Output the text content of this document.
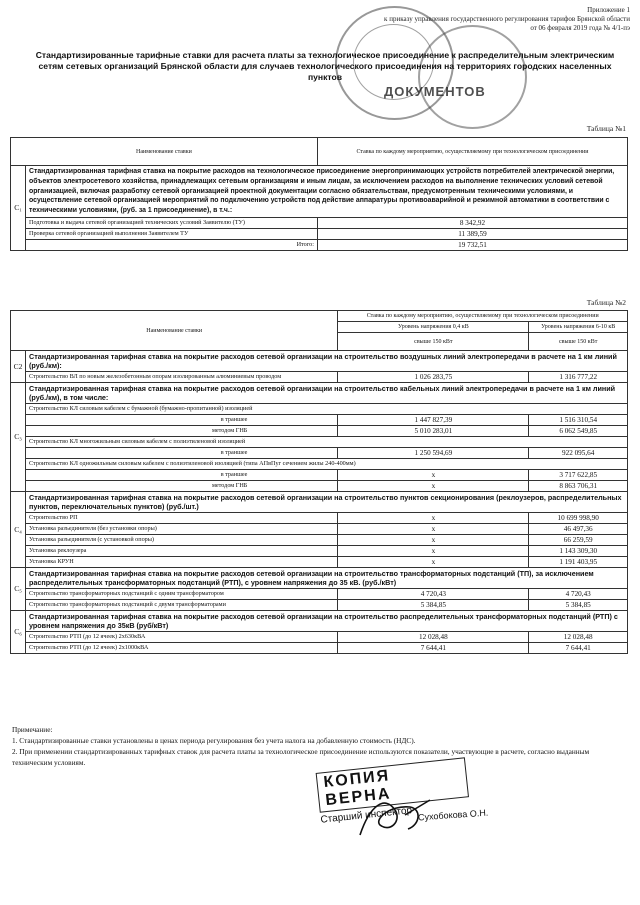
ДОКУМЕНТОВ
Приложение 1
к приказу управления государственного регулирования тарифов Брянской области
от 06 февраля 2019 года № 4/1-пэ
Стандартизированные тарифные ставки для расчета платы за технологическое присоединение к распределительным электрическим сетям сетевых организаций Брянской области для случаев технологического присоединения на территориях городских населенных пунктов
Таблица №1
Наименование ставки		Ставка по каждому мероприятию, осуществляемому при технологическом присоединении
C₁	Стандартизированная тарифная ставка на покрытие расходов на технологическое присоединение энергопринимающих устройств потребителей электрической энергии, объектов электросетевого хозяйства, принадлежащих сетевым организациям и иным лицам, за исключением расходов на выполнение технических условий сетевой организацией, включая разработку сетевой организацией проектной документации согласно обязательствам, предусмотренным техническими условиями, и осуществление сетевой организацией мероприятий по подключению устройств под действие аппаратуры противоаварийной и режимной автоматики в соответствии с техническими условиями, (руб. за 1 присоединение), в т.ч.:	
	Подготовка и выдача сетевой организацией технических условий Заявителю (ТУ)	8 342,92
	Проверка сетевой организацией выполнения Заявителем ТУ	11 389,59
	Итого:	19 732,51
Таблица №2
Наименование ставки		Ставка по каждому мероприятию, осуществляемому при технологическом присоединении	
		Уровень напряжения 0,4 кВ	Уровень напряжения 6-10 кВ
		свыше 150 кВт	свыше 150 кВт
C2	Стандартизированная тарифная ставка на покрытие расходов сетевой организации на строительство воздушных линий электропередачи в расчете на 1 км линий (руб./км):		
	Строительство ВЛ по новым железобетонным опорам изолированным алюминиевым проводом	1 026 283,75	1 316 777,22
C₃	Стандартизированная тарифная ставка на покрытие расходов сетевой организации на строительство кабельных линий электропередачи в расчете на 1 км линий (руб./км), в том числе:		
	Строительство КЛ силовым кабелем с бумажной (бумажно-пропитанной) изоляцией		
	в траншее	1 447 827,39	1 516 310,54
	методом ГНБ	5 010 283,01	6 062 549,85
	Строительство КЛ многожильным силовым кабелем с полиэтиленовой изоляцией		
	в траншее	1 250 594,69	922 095,64
	Строительство КЛ одножильным силовым кабелем с полиэтиленовой изоляцией (типа АПвПуг сечением жилы 240-400мм)		
	в траншее	x	3 717 622,85
	методом ГНБ	x	8 863 706,31
C₄	Стандартизированная тарифная ставка на покрытие расходов сетевой организации на строительство пунктов секционирования (реклоузеров, распределительных пунктов, переключательных пунктов) (руб./шт.)		
	Строительство РП	x	10 699 998,90
	Установка разъединителя (без установки опоры)	x	46 497,36
	Установка разъединителя (с установкой опоры)	x	66 259,59
	Установка реклоузера	x	1 143 309,30
	Установка КРУН	x	1 191 403,95
C₅	Стандартизированная тарифная ставка на покрытие расходов сетевой организации на строительство трансформаторных подстанций (ТП), за исключением распределительных трансформаторных подстанций (РТП), с уровнем напряжения до 35 кВ. (руб./кВт)		
	Строительство трансформаторных подстанций с одним трансформатором	4 720,43	4 720,43
	Строительство трансформаторных подстанций с двумя трансформаторами	5 384,85	5 384,85
C₆	Стандартизированная тарифная ставка на покрытие расходов сетевой организации на строительство распределительных трансформаторных подстанций (РТП) с уровнем напряжения до 35кВ (руб/кВт)		
	Строительство РТП (до 12 ячеек) 2х630кВА	12 028,48	12 028,48
	Строительство РТП (до 12 ячеек) 2х1000кВА	7 644,41	7 644,41
Примечание:
1. Стандартизированные ставки установлены в ценах периода регулирования без учета налога на добавленную стоимость (НДС).
2. При применении стандартизированных тарифных ставок для расчета платы за технологическое присоединение используются показатели, участвующие в расчете, согласно выданным техническим условиям.
КОПИЯ ВЕРНА
Старший инспектор Сухобокова О.Н.
